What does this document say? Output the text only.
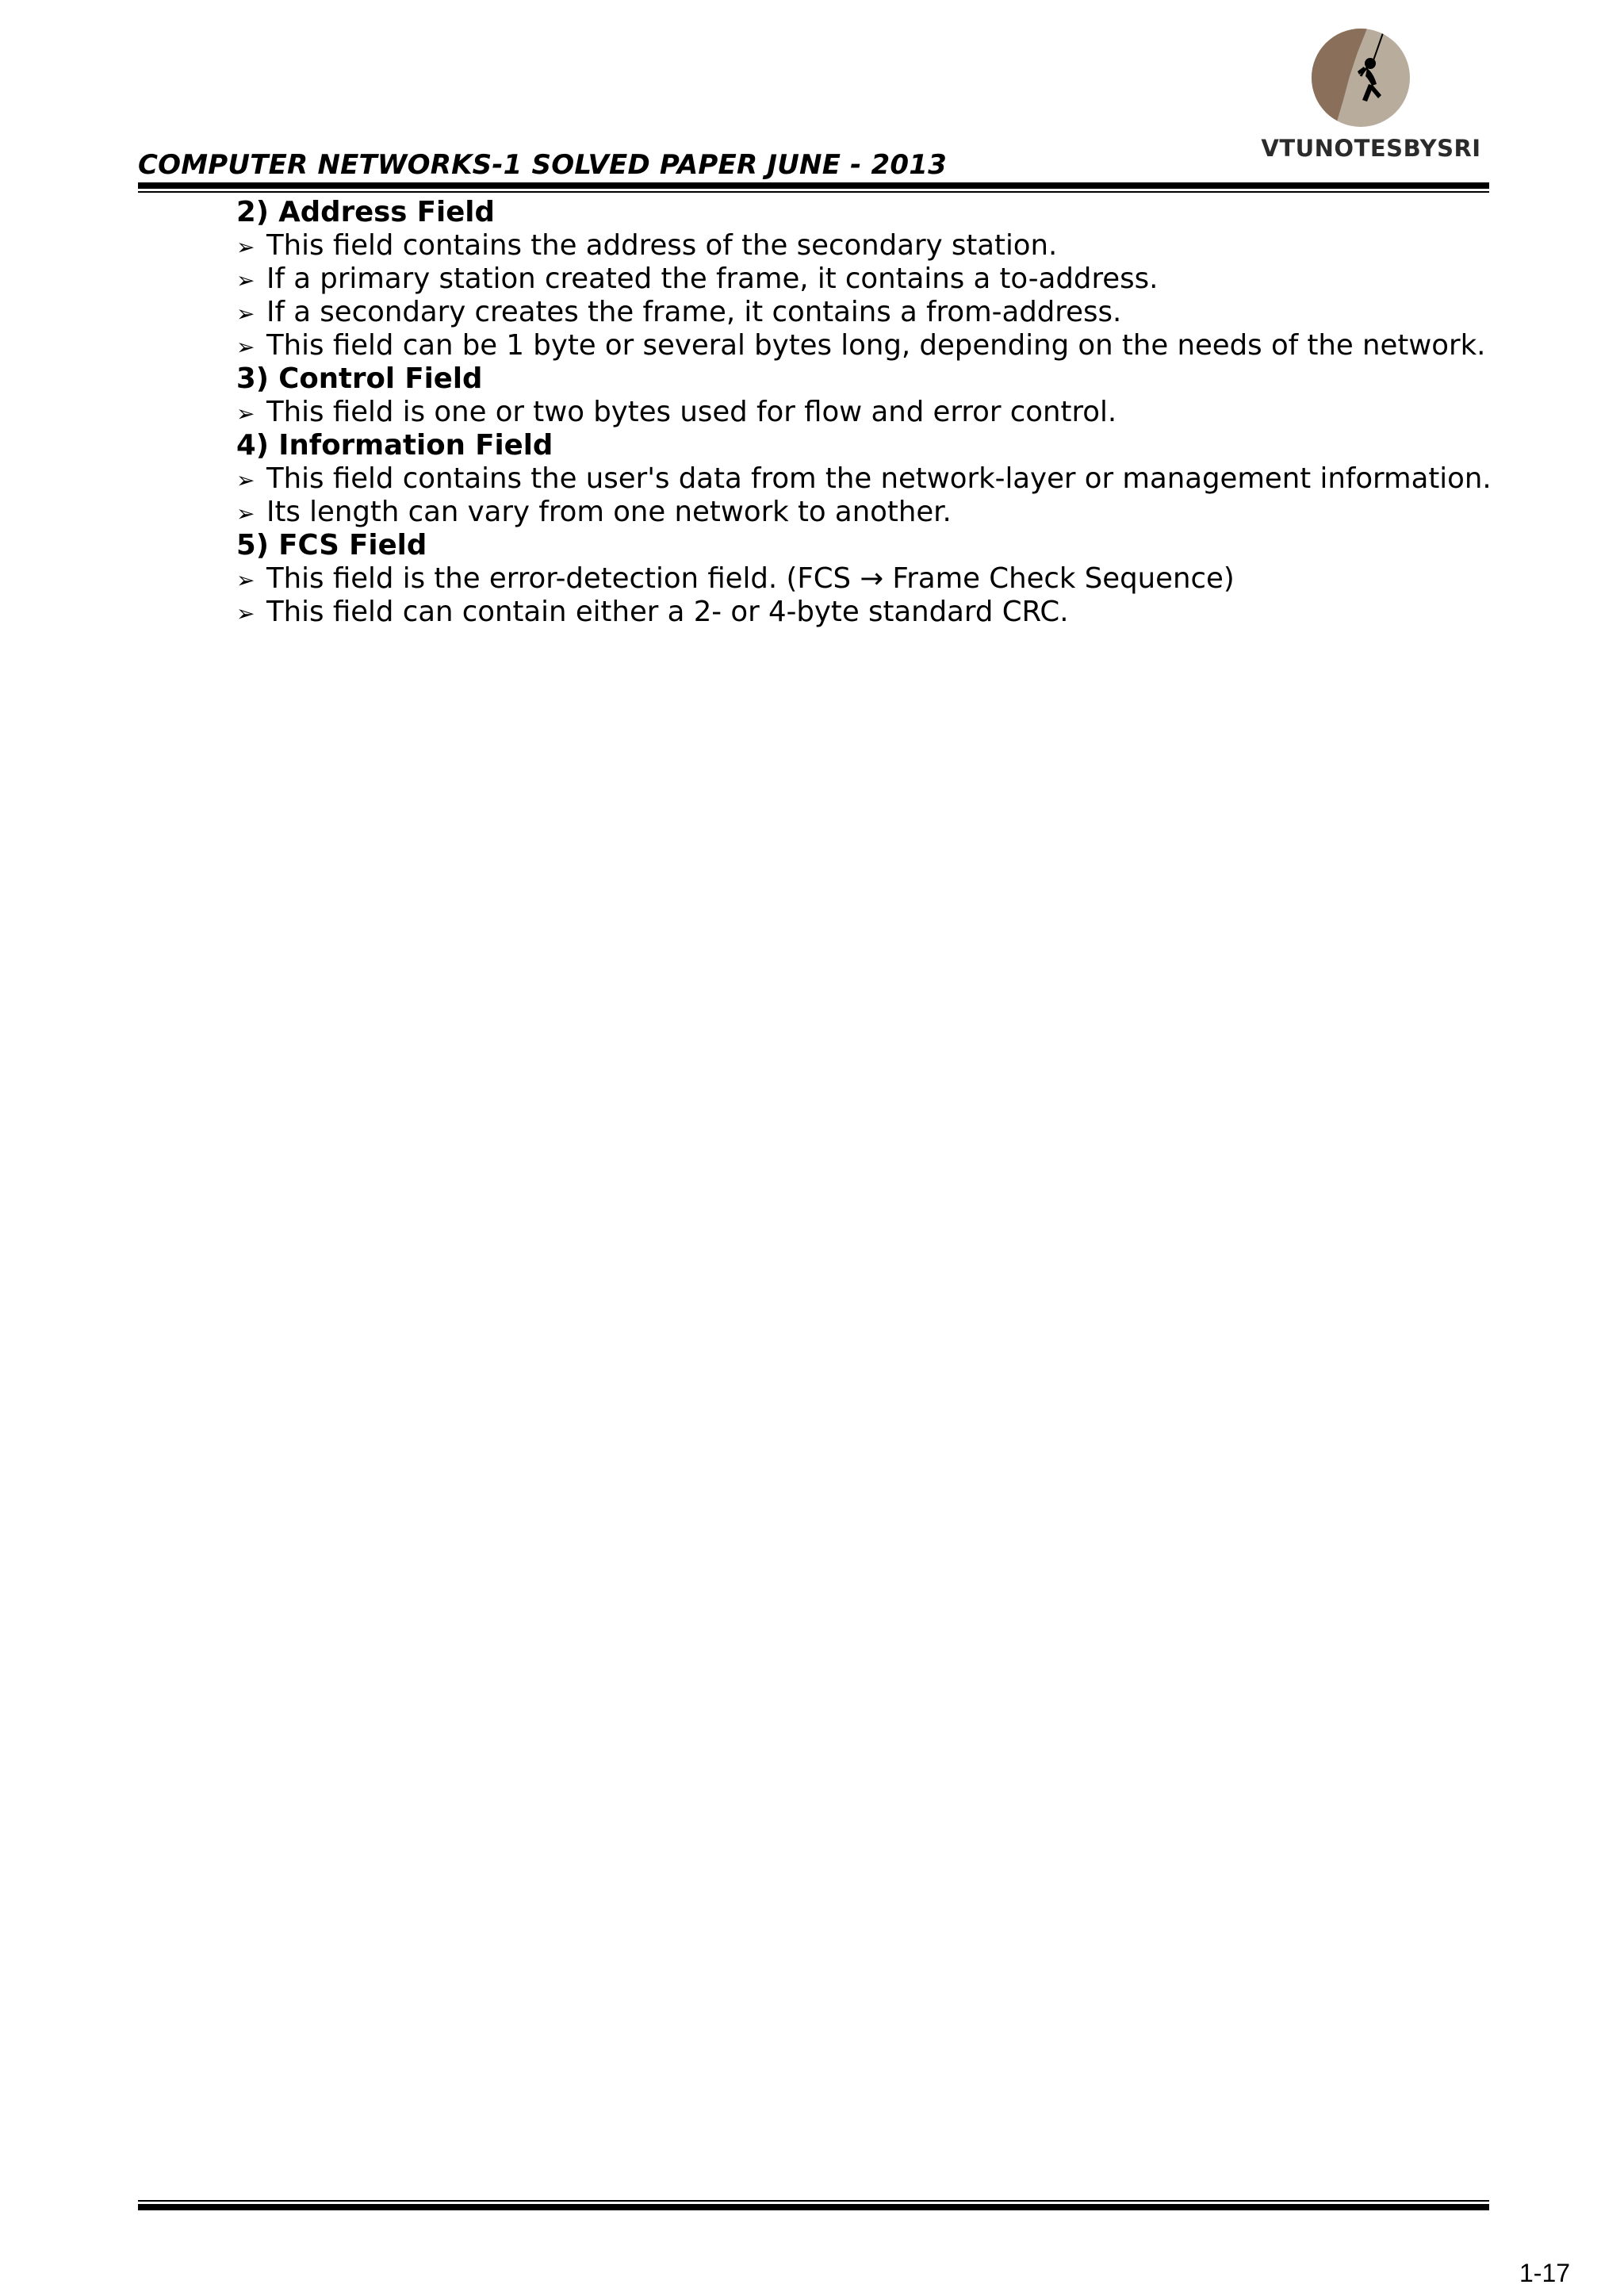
VTUNOTESBYSRI
COMPUTER NETWORKS-1 SOLVED PAPER JUNE - 2013
2) Address Field
➢ This field contains the address of the secondary station.
➢ If a primary station created the frame, it contains a to-address.
➢ If a secondary creates the frame, it contains a from-address.
➢ This field can be 1 byte or several bytes long, depending on the needs of the network.
3) Control Field
➢ This field is one or two bytes used for flow and error control.
4) Information Field
➢ This field contains the user's data from the network-layer or management information.
➢ Its length can vary from one network to another.
5) FCS Field
➢ This field is the error-detection field. (FCS → Frame Check Sequence)
➢ This field can contain either a 2- or 4-byte standard CRC.
1-17
